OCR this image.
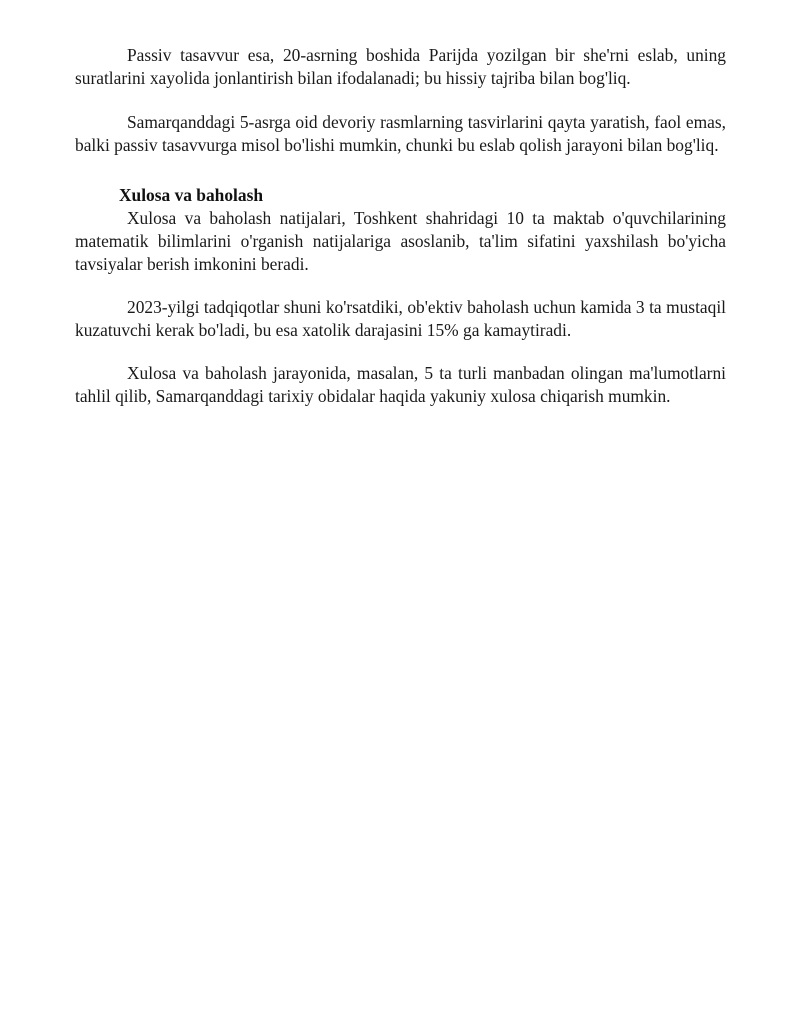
Passiv tasavvur esa, 20-asrning boshida Parijda yozilgan bir she'rni eslab, uning suratlarini xayolida jonlantirish bilan ifodalanadi; bu hissiy tajriba bilan bog'liq.

Samarqanddagi 5-asrga oid devoriy rasmlarning tasvirlarini qayta yaratish, faol emas, balki passiv tasavvurga misol bo'lishi mumkin, chunki bu eslab qolish jarayoni bilan bog'liq.

Xulosa va baholash

Xulosa va baholash natijalari, Toshkent shahridagi 10 ta maktab o'quvchilarining matematik bilimlarini o'rganish natijalariga asoslanib, ta'lim sifatini yaxshilash bo'yicha tavsiyalar berish imkonini beradi.

2023-yilgi tadqiqotlar shuni ko'rsatdiki, ob'ektiv baholash uchun kamida 3 ta mustaqil kuzatuvchi kerak bo'ladi, bu esa xatolik darajasini 15% ga kamaytiradi.

Xulosa va baholash jarayonida, masalan, 5 ta turli manbadan olingan ma'lumotlarni tahlil qilib, Samarqanddagi tarixiy obidalar haqida yakuniy xulosa chiqarish mumkin.
